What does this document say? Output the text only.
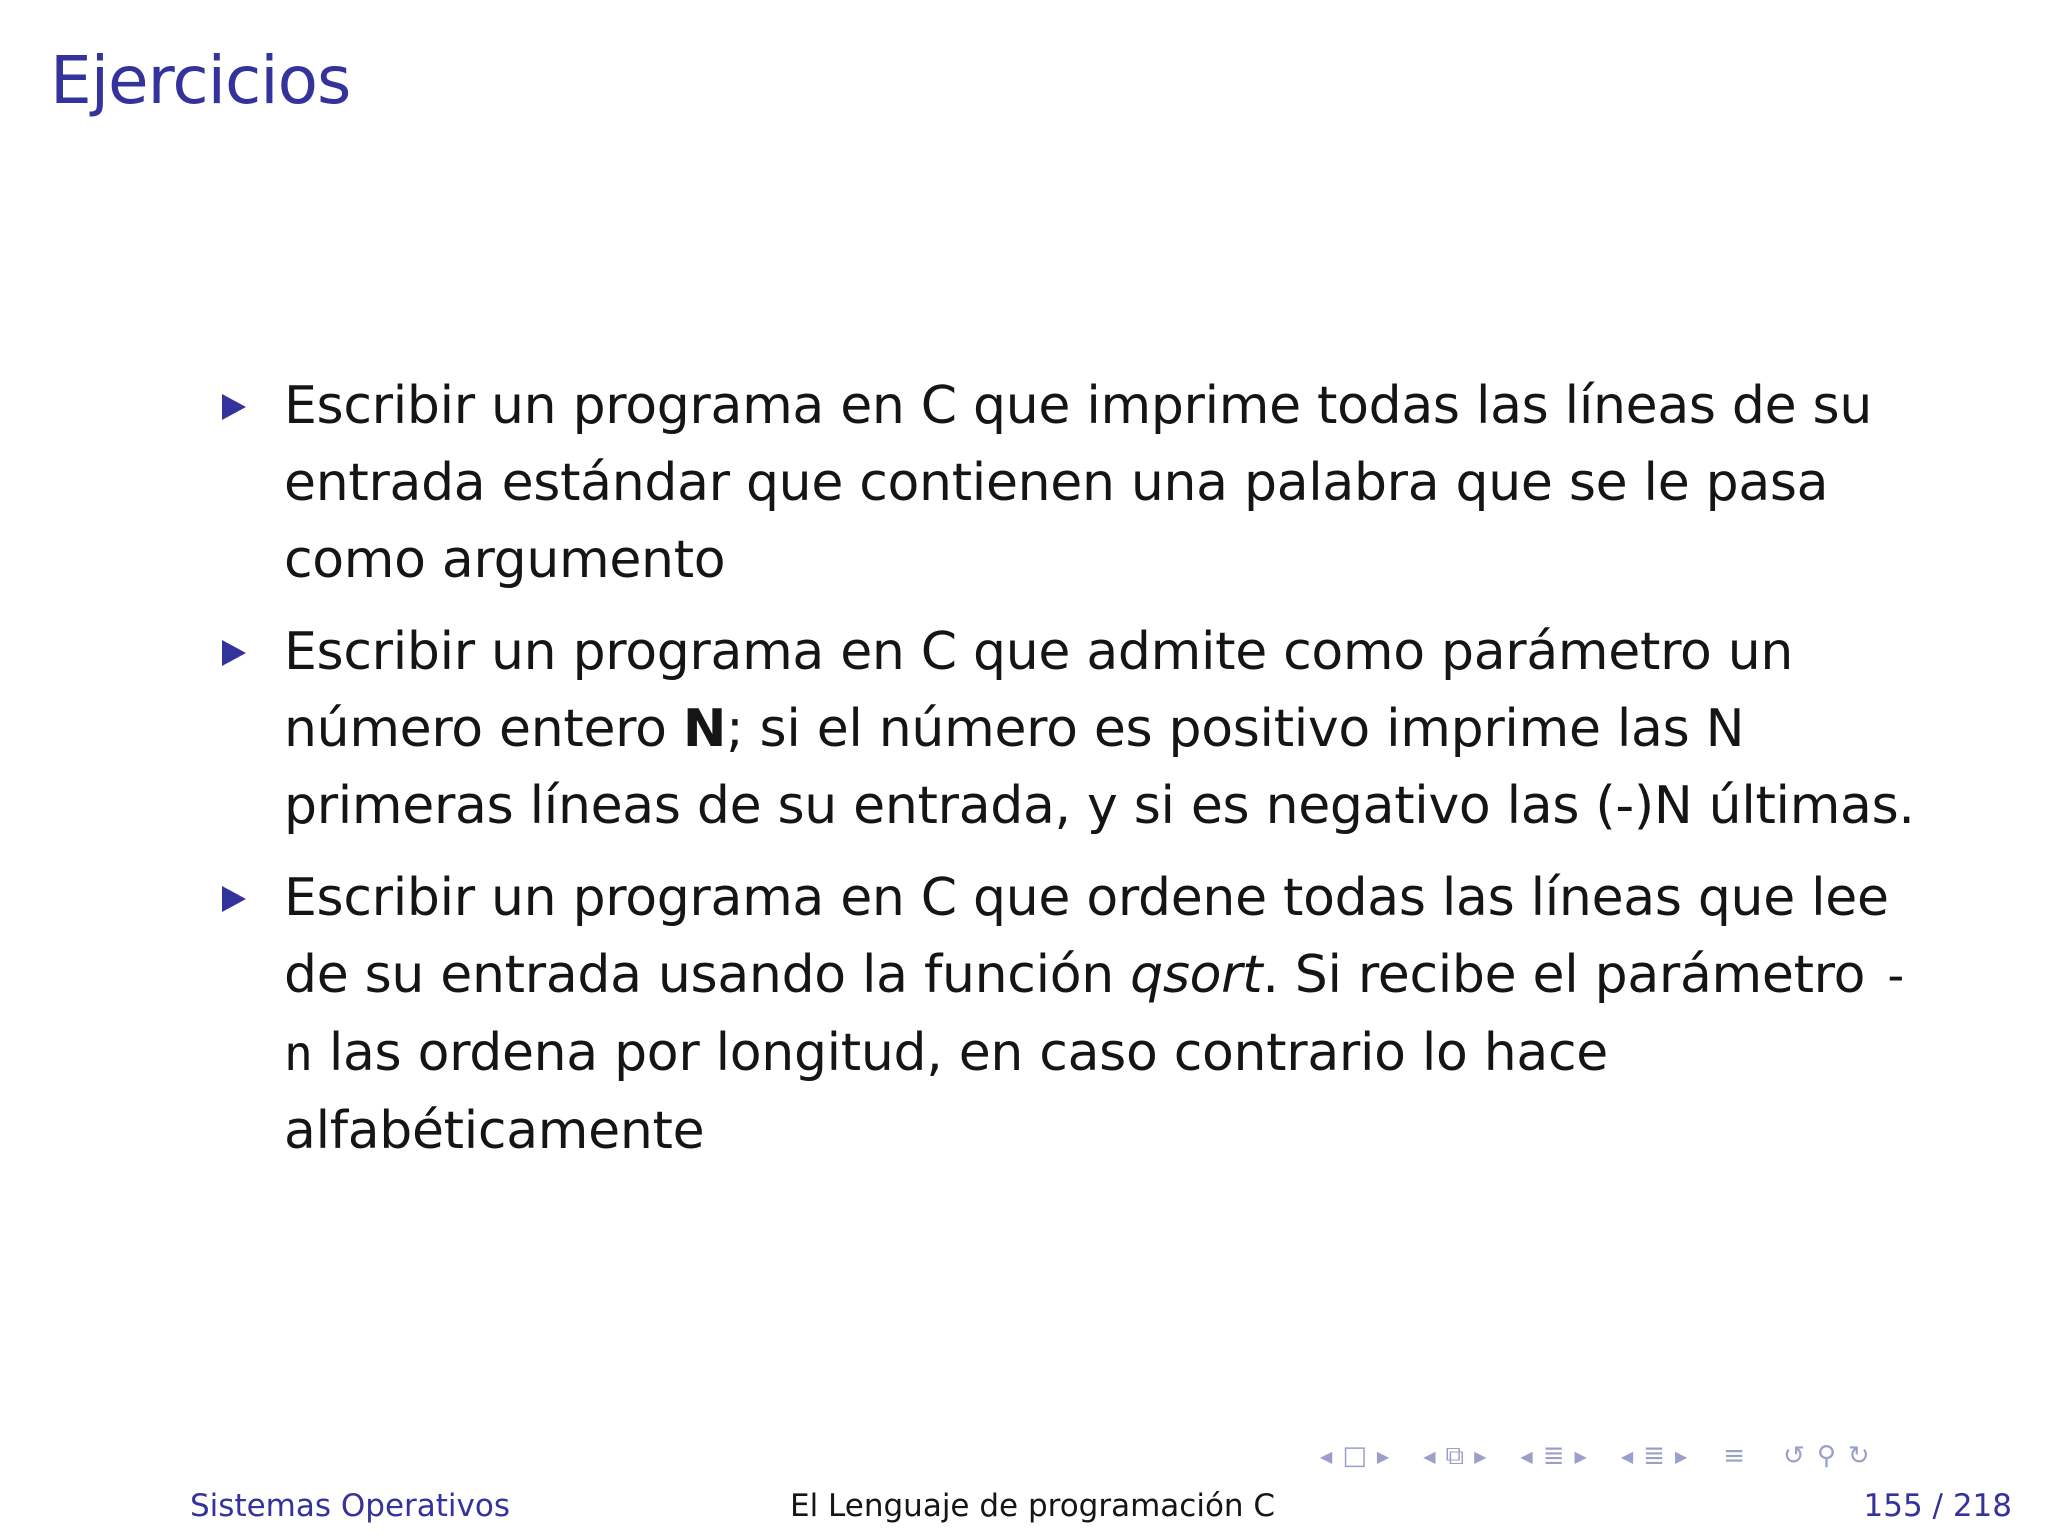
Ejercicios
Escribir un programa en C que imprime todas las líneas de su entrada estándar que contienen una palabra que se le pasa como argumento
Escribir un programa en C que admite como parámetro un número entero N; si el número es positivo imprime las N primeras líneas de su entrada, y si es negativo las (-)N últimas.
Escribir un programa en C que ordene todas las líneas que lee de su entrada usando la función qsort. Si recibe el parámetro -n las ordena por longitud, en caso contrario lo hace alfabéticamente
◀ □ ▶ ◀ ⧉ ▶ ◀ ≣ ▶ ◀ ≣ ▶ ≡ ↺ ⚲ ↻
Sistemas Operativos	El Lenguaje de programación C	155 / 218
